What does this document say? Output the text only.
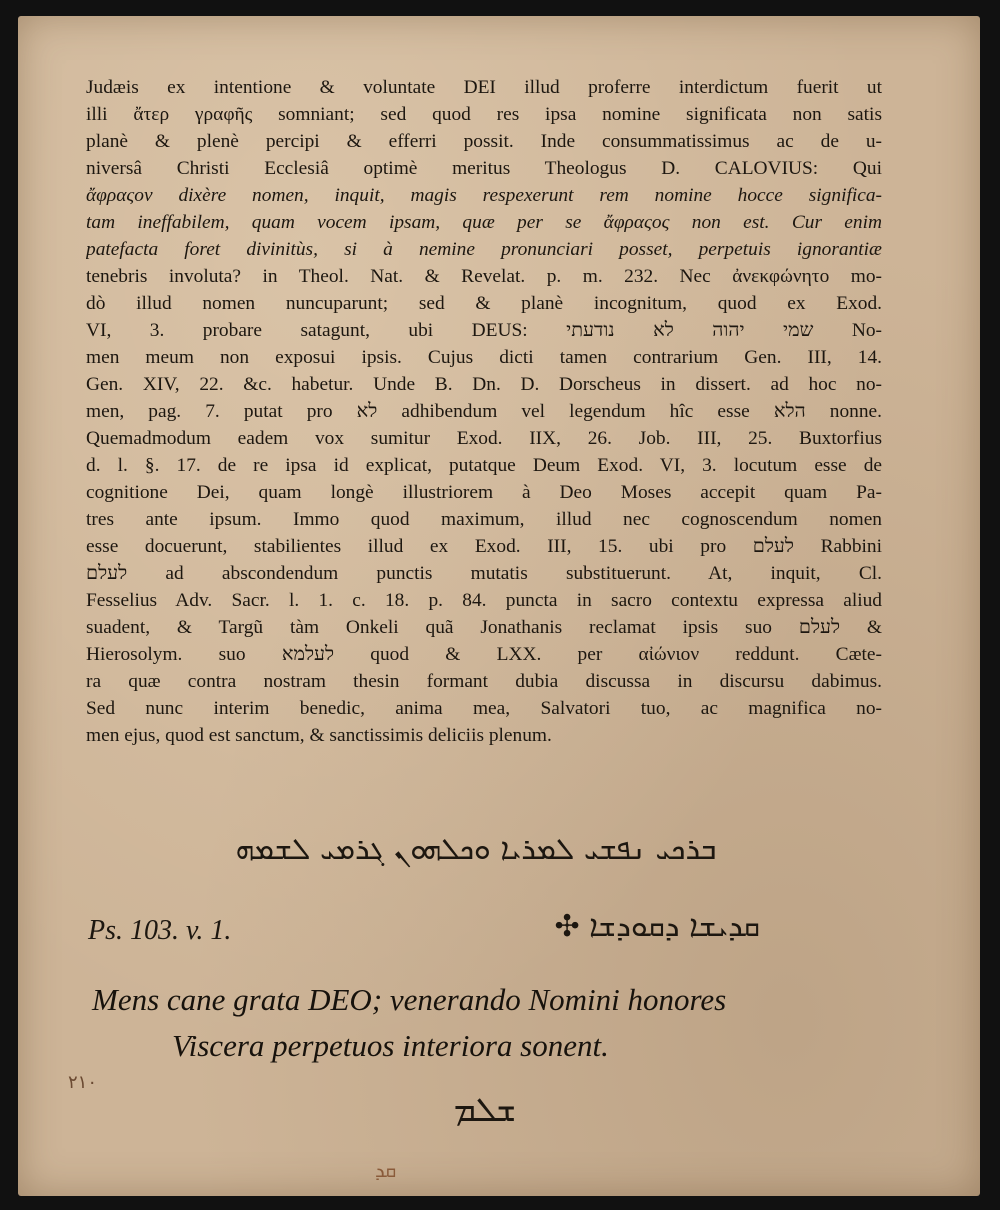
Judæis ex intentione & voluntate DEI illud proferre interdictum fuerit ut
illi ἄτερ γραφῆς somniant; sed quod res ipsa nomine significata non satis
planè & plenè percipi & efferri possit. Inde consummatissimus ac de u-
niversâ Christi Ecclesiâ optimè meritus Theologus D. CALOVIUS: Qui
ἄφραςον dixère nomen, inquit, magis respexerunt rem nomine hocce significa-
tam ineffabilem, quam vocem ipsam, quæ per se ἄφραςος non est. Cur enim
patefacta foret divinitùs, si à nemine pronunciari posset, perpetuis ignorantiæ
tenebris involuta? in Theol. Nat. & Revelat. p. m. 232. Nec ἀνεκφώνητο mo-
dò illud nomen nuncuparunt; sed & planè incognitum, quod ex Exod.
VI, 3. probare satagunt, ubi DEUS: שמי יהוה לא נודעתי No-
men meum non exposui ipsis. Cujus dicti tamen contrarium Gen. III, 14.
Gen. XIV, 22. &c. habetur. Unde B. Dn. D. Dorscheus in dissert. ad hoc no-
men, pag. 7. putat pro לא adhibendum vel legendum hîc esse הלא nonne.
Quemadmodum eadem vox sumitur Exod. IIX, 26. Job. III, 25. Buxtorfius
d. l. §. 17. de re ipsa id explicat, putatque Deum Exod. VI, 3. locutum esse de
cognitione Dei, quam longè illustriorem à Deo Moses accepit quam Pa-
tres ante ipsum. Immo quod maximum, illud nec cognoscendum nomen
esse docuerunt, stabilientes illud ex Exod. III, 15. ubi pro לעלם Rabbini
לעלם ad abscondendum punctis mutatis substituerunt. At, inquit, Cl.
Fesselius Adv. Sacr. l. 1. c. 18. p. 84. puncta in sacro contextu expressa aliud
suadent, & Targũ tàm Onkeli quã Jonathanis reclamat ipsis suo לעלם &
Hierosolym. suo לעלמא quod & LXX. per αἰώνιον reddunt. Cæte-
ra quæ contra nostram thesin formant dubia discussa in discursu dabimus.
Sed nunc interim benedic, anima mea, Salvatori tuo, ac magnifica no-
men ejus, quod est sanctum, & sanctissimis deliciis plenum.
ܒܪܟܝ ܢܦܫܝ ܠܡܪܝܐ ܘܟܠܗܘܢ ܓܪܡܝ ܠܫܡܗ
Ps. 103. v. 1.	ܩܕܝܫܐ ܕܩܘܕܫܐ ✣
Mens cane grata DEO; venerando Nomini honores
Viscera perpetuos interiora sonent.
ܫܠܡ
٢١٠
ܩܕ
